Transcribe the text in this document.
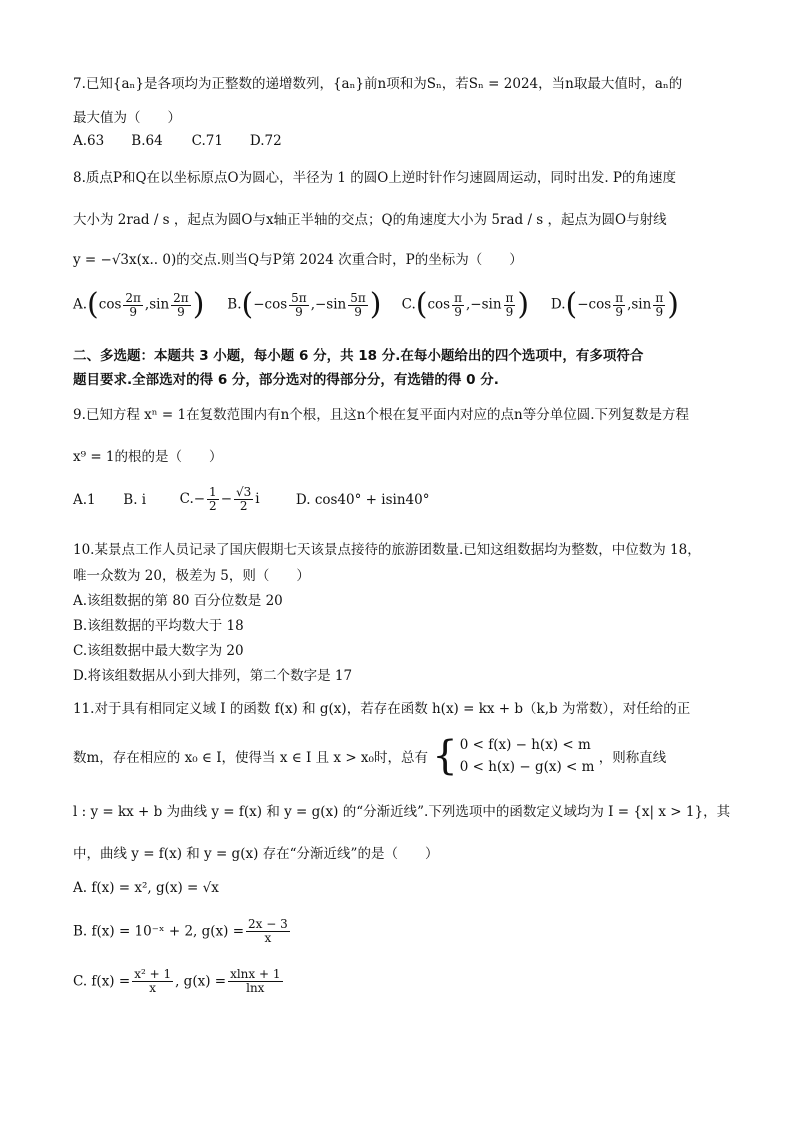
7.已知{aₙ}是各项均为正整数的递增数列，{aₙ}前n项和为Sₙ，若Sₙ = 2024，当n取最大值时，aₙ的
最大值为（　　）
A.63 B.64 C.71 D.72
8.质点P和Q在以坐标原点O为圆心，半径为 1 的圆O上逆时针作匀速圆周运动，同时出发. P的角速度
大小为 2rad / s ，起点为圆O与x轴正半轴的交点；Q的角速度大小为 5rad / s ，起点为圆O与射线
y = −√3x(x.. 0)的交点.则当Q与P第 2024 次重合时，P的坐标为（　　）
$A.(\cos \frac{2\pi}{9} ,\sin \frac{2\pi}{9}$ ) $B.(-\cos \frac{5\pi}{9} ,-\sin \frac{5\pi}{9}$ ) $C.(\cos \frac{\pi}{9} ,-\sin \frac{\pi}{9}$ ) $D.(-\cos \frac{\pi}{9} ,\sin \frac{\pi}{9}$ )
二、多选题：本题共 3 小题，每小题 6 分，共 18 分.在每小题给出的四个选项中，有多项符合
题目要求.全部选对的得 6 分，部分选对的得部分分，有选错的得 0 分.
9.已知方程 xⁿ = 1在复数范围内有n个根，且这n个根在复平面内对应的点n等分单位圆.下列复数是方程
x⁹ = 1的根的是（　　）
A.1 B. i $C.- \frac{1}{2} - \frac{√3}{2}$ i	D. cos40° + isin40°
10.某景点工作人员记录了国庆假期七天该景点接待的旅游团数量.已知这组数据均为整数，中位数为 18，
唯一众数为 20，极差为 5，则（　　）
A.该组数据的第 80 百分位数是 20
B.该组数据的平均数大于 18
C.该组数据中最大数字为 20
D.将该组数据从小到大排列，第二个数字是 17
11.对于具有相同定义域 I 的函数 f(x) 和 g(x)，若存在函数 h(x) = kx + b（k,b 为常数），对任给的正
数m，存在相应的 x₀ ∈ I，使得当 x ∈ I 且 x > x₀时，总有 { 0 < f(x) − h(x) < m
0 < h(x) − g(x) < m
，则称直线
l : y = kx + b 为曲线 y = f(x) 和 y = g(x) 的“分渐近线”.下列选项中的函数定义域均为 I = {x| x > 1}，其
中，曲线 y = f(x) 和 y = g(x) 存在“分渐近线”的是（　　）
A. f(x) = x², g(x) = √x
B. f(x) = 10⁻ˣ + 2, $g(x) = \frac{2x - 3}{x}$
C. $f(x) = \frac{\text{x² + 1}}{x}$ , $g(x) = \frac{xlnx + 1}{\ln x}$
